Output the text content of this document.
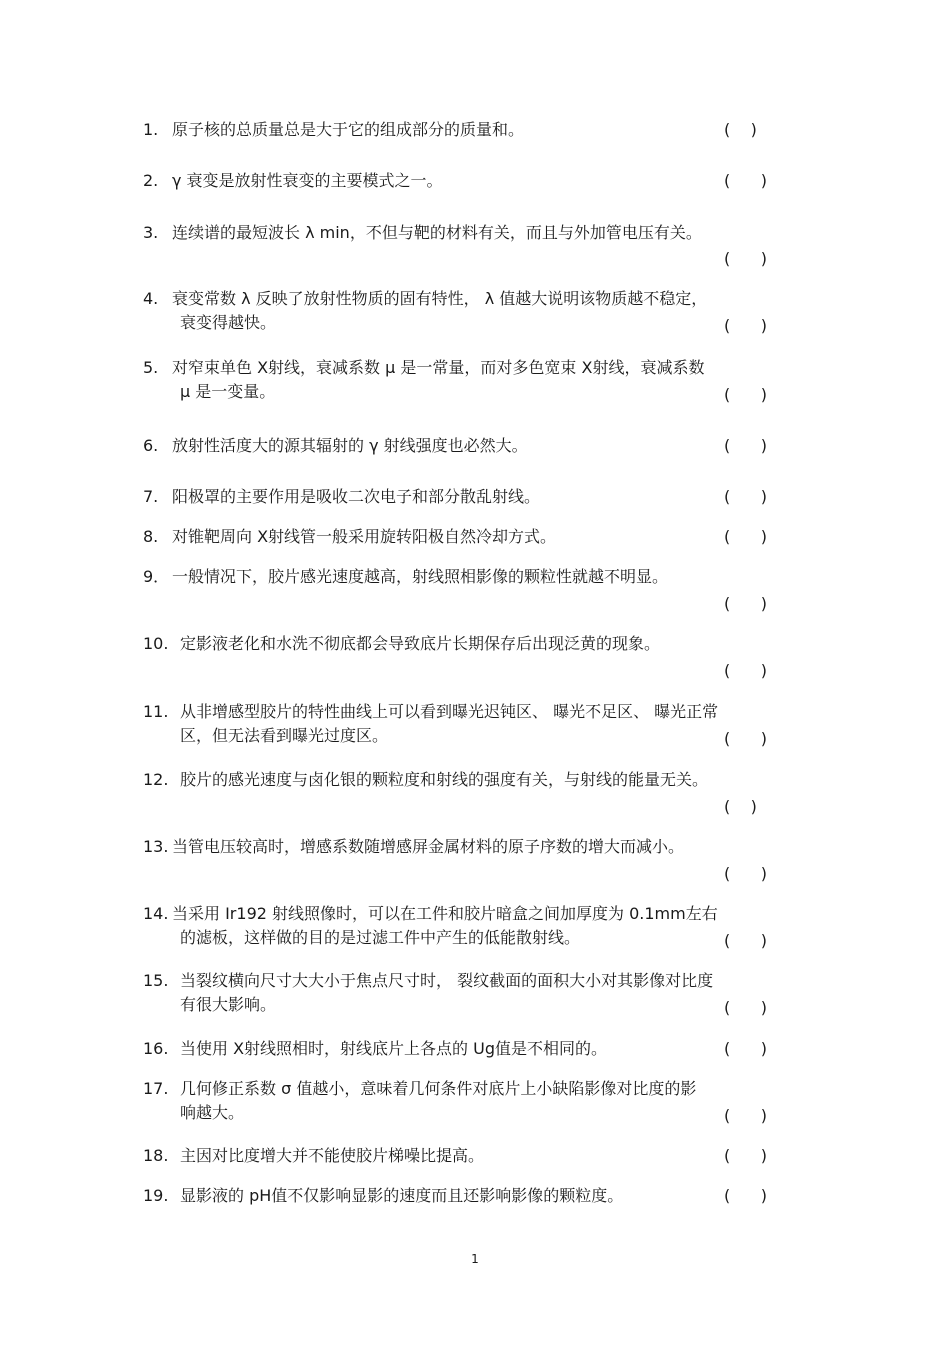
1. 原子核的总质量总是大于它的组成部分的质量和。	(    )
2. γ 衰变是放射性衰变的主要模式之一。	(      )
3. 连续谱的最短波长 λ min，不但与靶的材料有关，而且与外加管电压有关。
(      )
4. 衰变常数 λ 反映了放射性物质的固有特性， λ 值越大说明该物质越不稳定，
衰变得越快。	(      )
5. 对窄束单色 X射线，衰减系数 μ 是一常量，而对多色宽束 X射线，衰减系数
μ 是一变量。	(      )
6. 放射性活度大的源其辐射的 γ 射线强度也必然大。	(      )
7. 阳极罩的主要作用是吸收二次电子和部分散乱射线。	(      )
8. 对锥靶周向 X射线管一般采用旋转阳极自然冷却方式。	(      )
9． 一般情况下，胶片感光速度越高，射线照相影像的颗粒性就越不明显。
(      )
10. 定影液老化和水洗不彻底都会导致底片长期保存后出现泛黄的现象。
(      )
11. 从非增感型胶片的特性曲线上可以看到曝光迟钝区、 曝光不足区、 曝光正常
区，但无法看到曝光过度区。	(      )
12. 胶片的感光速度与卤化银的颗粒度和射线的强度有关，与射线的能量无关。
(    )
13. 当管电压较高时，增感系数随增感屏金属材料的原子序数的增大而减小。
(      )
14. 当采用 Ir192 射线照像时，可以在工件和胶片暗盒之间加厚度为 0.1mm左右
的滤板，这样做的目的是过滤工件中产生的低能散射线。	(      )
15. 当裂纹横向尺寸大大小于焦点尺寸时， 裂纹截面的面积大小对其影像对比度
有很大影响。	(      )
16. 当使用 X射线照相时，射线底片上各点的 Ug值是不相同的。	(      )
17. 几何修正系数 σ 值越小，意味着几何条件对底片上小缺陷影像对比度的影
响越大。	(      )
18. 主因对比度增大并不能使胶片梯噪比提高。	(      )
19. 显影液的 pH值不仅影响显影的速度而且还影响影像的颗粒度。	(      )
1
